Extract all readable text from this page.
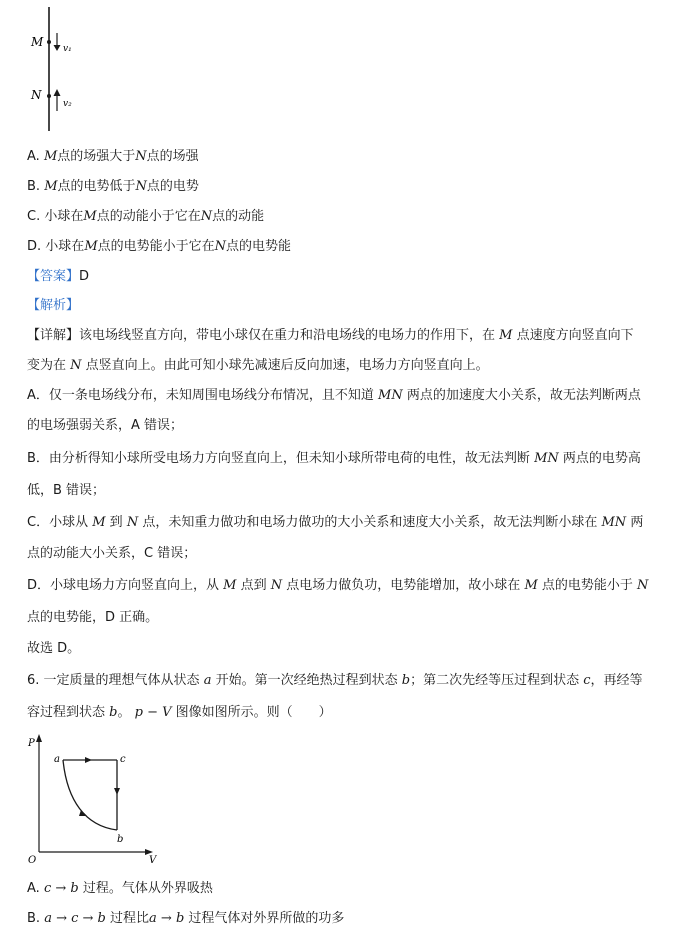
M v₁
N
v₂
A. M点的场强大于N点的场强
B. M点的电势低于N点的电势
C. 小球在M点的动能小于它在N点的动能
D. 小球在M点的电势能小于它在N点的电势能
【答案】D
【解析】
【详解】该电场线竖直方向，带电小球仅在重力和沿电场线的电场力的作用下，在 M 点速度方向竖直向下
变为在 N 点竖直向上。由此可知小球先减速后反向加速，电场力方向竖直向上。
A．仅一条电场线分布，未知周围电场线分布情况，且不知道 MN 两点的加速度大小关系，故无法判断两点
的电场强弱关系，A 错误；
B．由分析得知小球所受电场力方向竖直向上，但未知小球所带电荷的电性，故无法判断 MN 两点的电势高
低，B 错误；
C．小球从 M 到 N 点，未知重力做功和电场力做功的大小关系和速度大小关系，故无法判断小球在 MN 两
点的动能大小关系，C 错误；
D．小球电场力方向竖直向上，从 M 点到 N 点电场力做负功，电势能增加，故小球在 M 点的电势能小于 N
点的电势能，D 正确。
故选 D。
6. 一定质量的理想气体从状态 a 开始。第一次经绝热过程到状态 b；第二次先经等压过程到状态 c，再经等
容过程到状态 b。 p − V 图像如图所示。则（　　）
P
V
O
a	c
b
A. c → b 过程。气体从外界吸热
B. a → c → b 过程比a → b 过程气体对外界所做的功多
